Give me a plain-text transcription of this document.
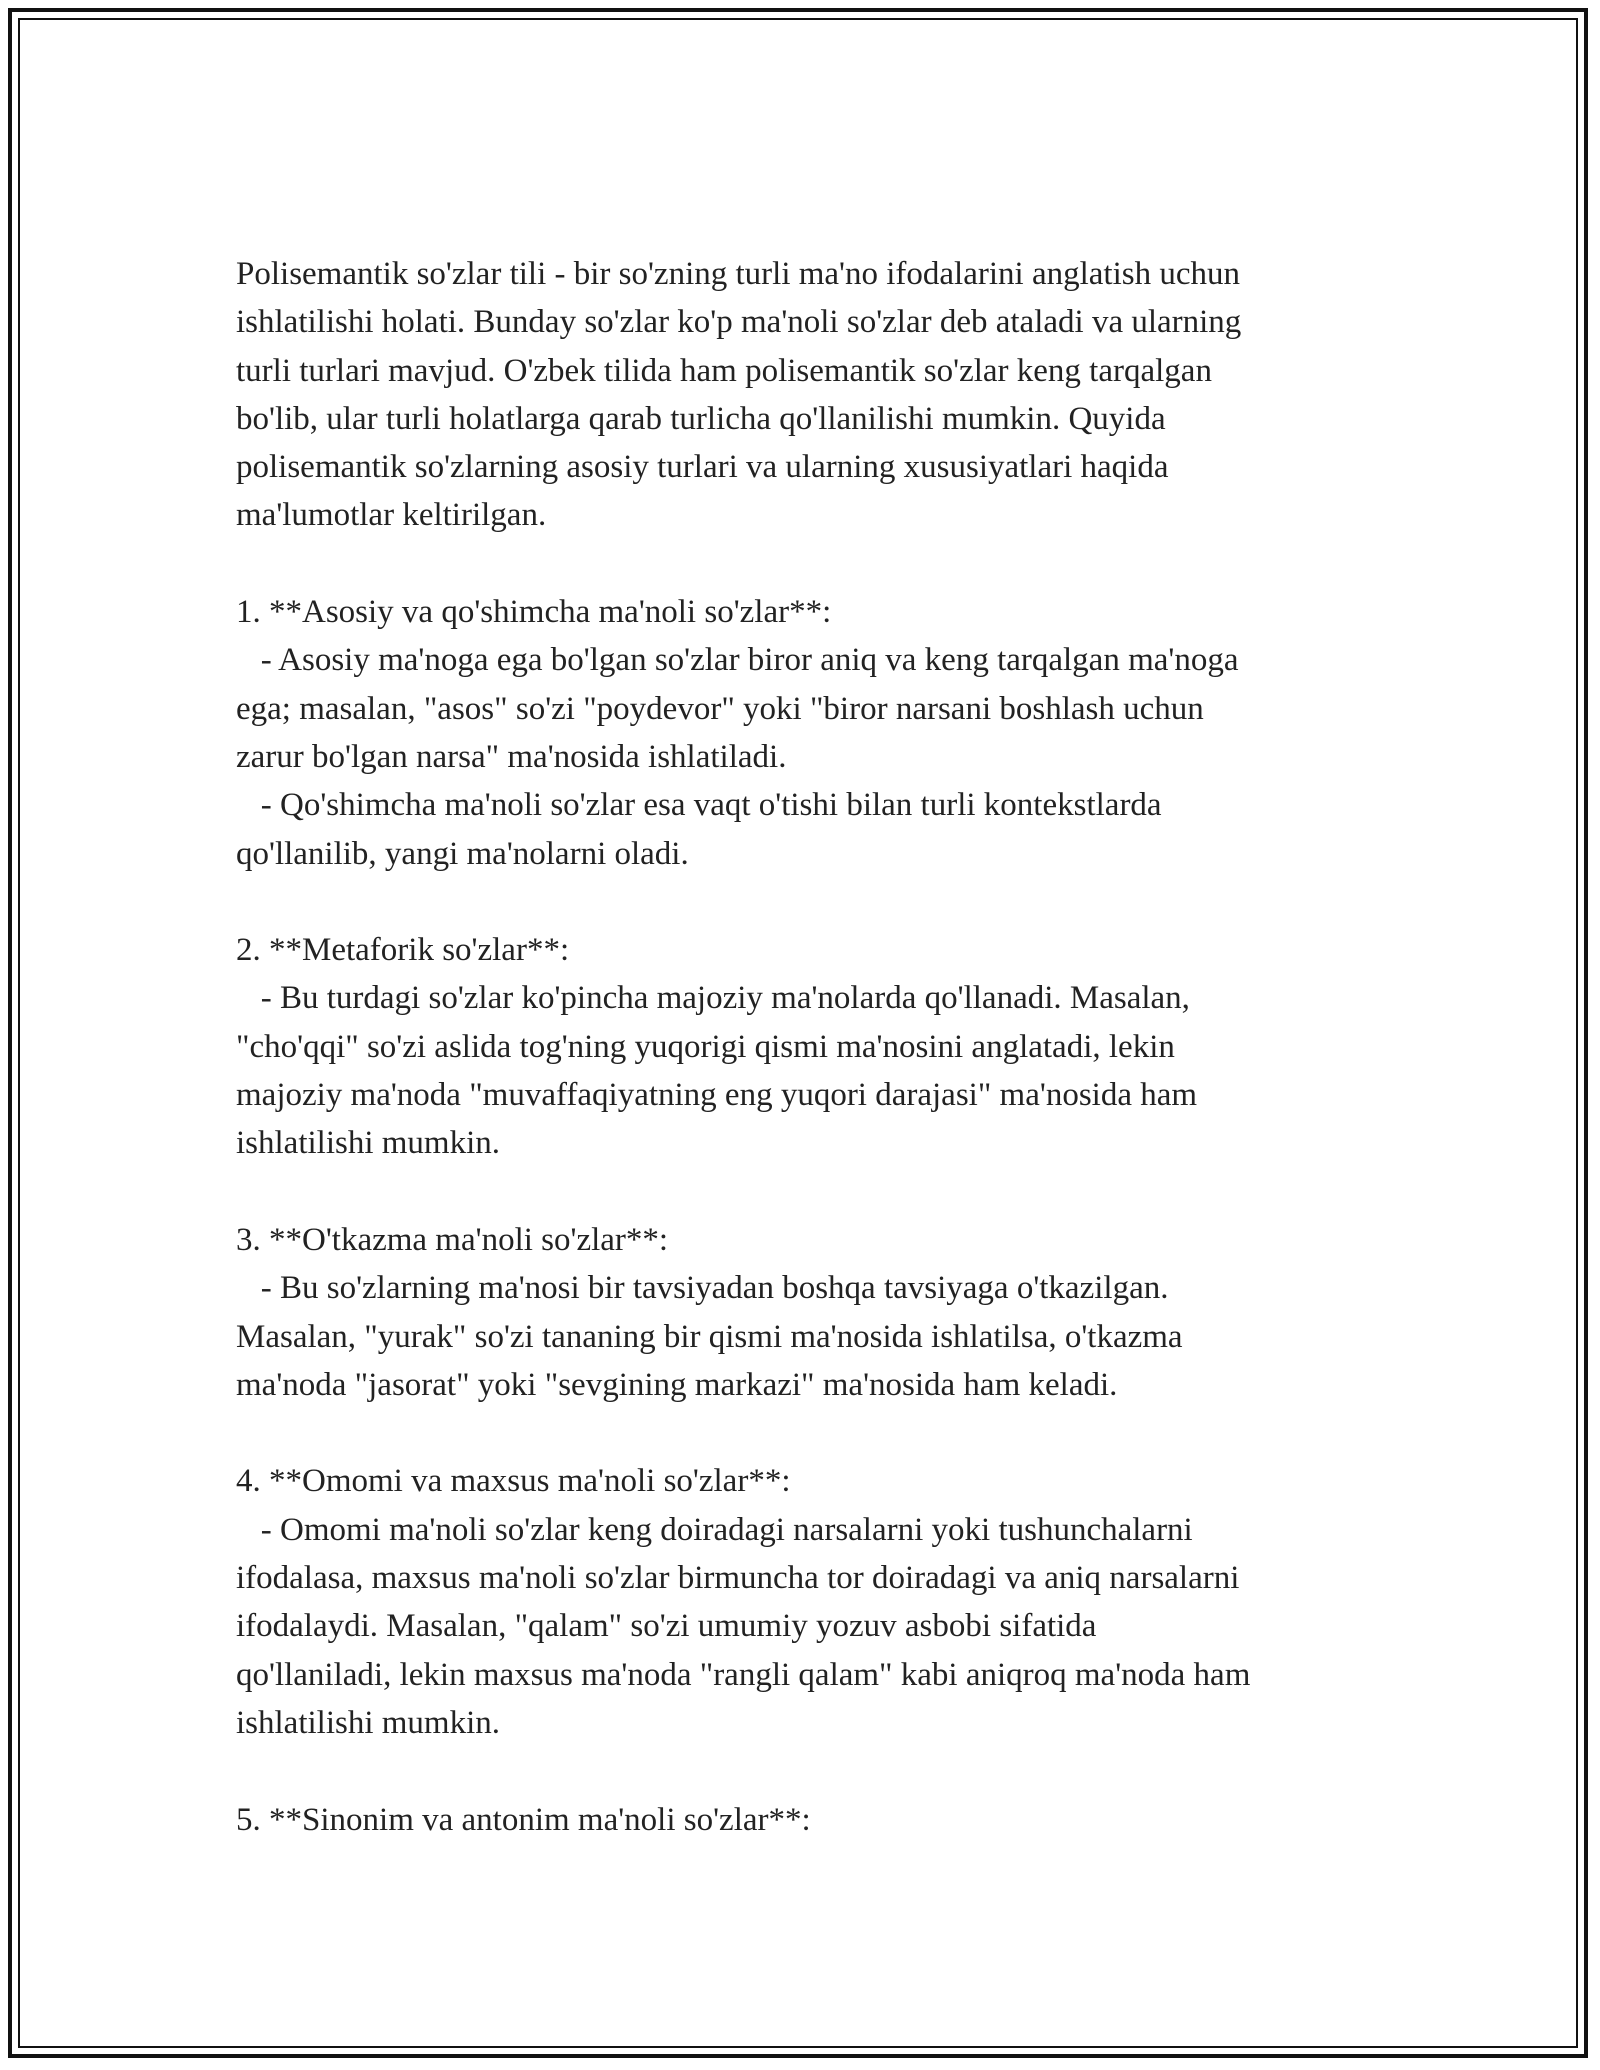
Polisemantik so'zlar tili - bir so'zning turli ma'no ifodalarini anglatish uchun

ishlatilishi holati. Bunday so'zlar ko'p ma'noli so'zlar deb ataladi va ularning

turli turlari mavjud. O'zbek tilida ham polisemantik so'zlar keng tarqalgan

bo'lib, ular turli holatlarga qarab turlicha qo'llanilishi mumkin. Quyida

polisemantik so'zlarning asosiy turlari va ularning xususiyatlari haqida

ma'lumotlar keltirilgan.

1. **Asosiy va qo'shimcha ma'noli so'zlar**:

- Asosiy ma'noga ega bo'lgan so'zlar biror aniq va keng tarqalgan ma'noga

ega; masalan, "asos" so'zi "poydevor" yoki "biror narsani boshlash uchun

zarur bo'lgan narsa" ma'nosida ishlatiladi.

- Qo'shimcha ma'noli so'zlar esa vaqt o'tishi bilan turli kontekstlarda

qo'llanilib, yangi ma'nolarni oladi.

2. **Metaforik so'zlar**:

- Bu turdagi so'zlar ko'pincha majoziy ma'nolarda qo'llanadi. Masalan,

"cho'qqi" so'zi aslida tog'ning yuqorigi qismi ma'nosini anglatadi, lekin

majoziy ma'noda "muvaffaqiyatning eng yuqori darajasi" ma'nosida ham

ishlatilishi mumkin.

3. **O'tkazma ma'noli so'zlar**:

- Bu so'zlarning ma'nosi bir tavsiyadan boshqa tavsiyaga o'tkazilgan.

Masalan, "yurak" so'zi tananing bir qismi ma'nosida ishlatilsa, o'tkazma

ma'noda "jasorat" yoki "sevgining markazi" ma'nosida ham keladi.

4. **Omomi va maxsus ma'noli so'zlar**:

- Omomi ma'noli so'zlar keng doiradagi narsalarni yoki tushunchalarni

ifodalasa, maxsus ma'noli so'zlar birmuncha tor doiradagi va aniq narsalarni

ifodalaydi. Masalan, "qalam" so'zi umumiy yozuv asbobi sifatida

qo'llaniladi, lekin maxsus ma'noda "rangli qalam" kabi aniqroq ma'noda ham

ishlatilishi mumkin.

5. **Sinonim va antonim ma'noli so'zlar**:
